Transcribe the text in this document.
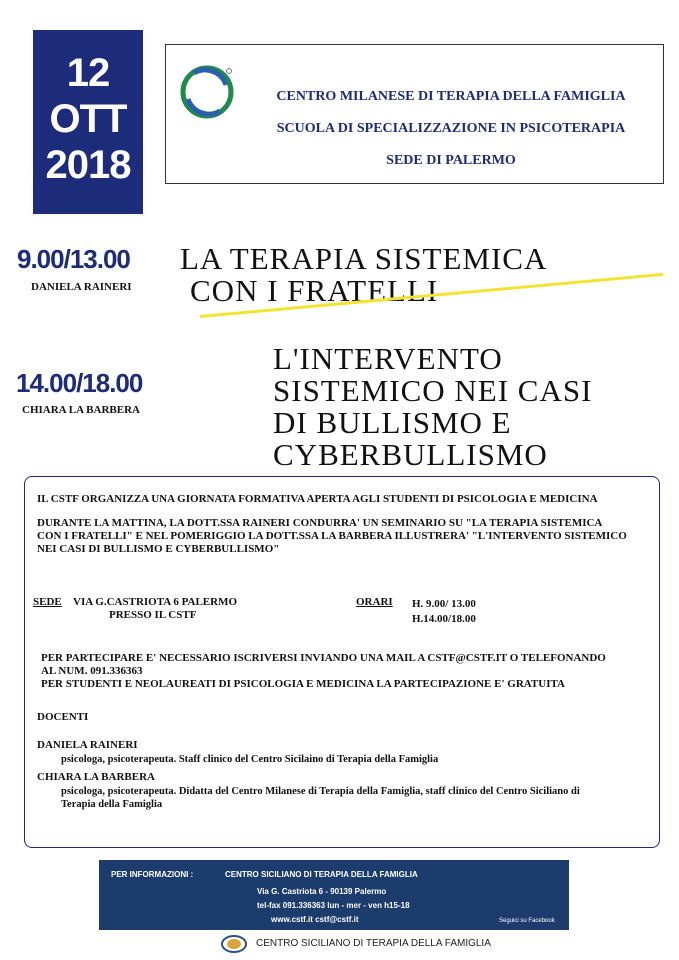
12
OTT
2018
CENTRO MILANESE DI TERAPIA DELLA FAMIGLIA
SCUOLA DI SPECIALIZZAZIONE IN PSICOTERAPIA
SEDE DI PALERMO
9.00/13.00
DANIELA RAINERI
LA TERAPIA SISTEMICA
CON I FRATELLI
14.00/18.00
CHIARA LA BARBERA
L'INTERVENTO
SISTEMICO NEI CASI
DI BULLISMO E
CYBERBULLISMO
IL CSTF ORGANIZZA UNA GIORNATA FORMATIVA APERTA AGLI STUDENTI DI PSICOLOGIA E MEDICINA
DURANTE LA MATTINA, LA DOTT.SSA RAINERI CONDURRA' UN SEMINARIO SU "LA TERAPIA SISTEMICA
CON I FRATELLI" E NEL POMERIGGIO LA DOTT.SSA LA BARBERA ILLUSTRERA' "L'INTERVENTO SISTEMICO
NEI CASI DI BULLISMO E CYBERBULLISMO"
SEDE	VIA G.CASTRIOTA 6 PALERMO
PRESSO IL CSTF
ORARI	H. 9.00/ 13.00
H.14.00/18.00
PER PARTECIPARE E' NECESSARIO ISCRIVERSI INVIANDO UNA MAIL A CSTF@CSTF.IT O TELEFONANDO
AL NUM. 091.336363
PER STUDENTI E NEOLAUREATI DI PSICOLOGIA E MEDICINA LA PARTECIPAZIONE E' GRATUITA
DOCENTI
DANIELA RAINERI
psicologa, psicoterapeuta. Staff clinico del Centro Sicilaino di Terapia della Famiglia
CHIARA LA BARBERA
psicologa, psicoterapeuta. Didatta del Centro Milanese di Terapia della Famiglia, staff clinico del Centro Siciliano di
Terapia della Famiglia
PER INFORMAZIONI :	CENTRO SICILIANO DI TERAPIA DELLA FAMIGLIA
Via G. Castriota 6 - 90139 Palermo
tel-fax 091.336363 lun - mer - ven h15-18
www.cstf.it cstf@cstf.it	Seguici su Facebook
CENTRO SICILIANO DI TERAPIA DELLA FAMIGLIA
